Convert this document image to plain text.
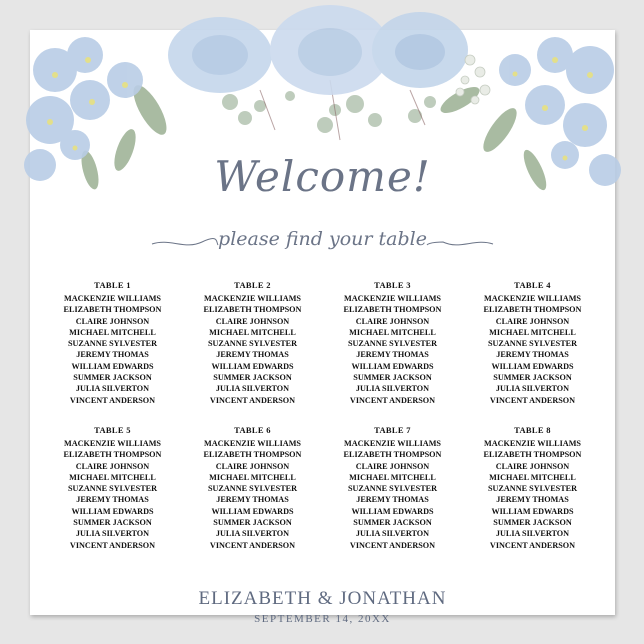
Welcome!
please find your table
TABLE 1
MACKENZIE WILLIAMS
ELIZABETH THOMPSON
CLAIRE JOHNSON
MICHAEL MITCHELL
SUZANNE SYLVESTER
JEREMY THOMAS
WILLIAM EDWARDS
SUMMER JACKSON
JULIA SILVERTON
VINCENT ANDERSON
TABLE 2
MACKENZIE WILLIAMS
ELIZABETH THOMPSON
CLAIRE JOHNSON
MICHAEL MITCHELL
SUZANNE SYLVESTER
JEREMY THOMAS
WILLIAM EDWARDS
SUMMER JACKSON
JULIA SILVERTON
VINCENT ANDERSON
TABLE 3
MACKENZIE WILLIAMS
ELIZABETH THOMPSON
CLAIRE JOHNSON
MICHAEL MITCHELL
SUZANNE SYLVESTER
JEREMY THOMAS
WILLIAM EDWARDS
SUMMER JACKSON
JULIA SILVERTON
VINCENT ANDERSON
TABLE 4
MACKENZIE WILLIAMS
ELIZABETH THOMPSON
CLAIRE JOHNSON
MICHAEL MITCHELL
SUZANNE SYLVESTER
JEREMY THOMAS
WILLIAM EDWARDS
SUMMER JACKSON
JULIA SILVERTON
VINCENT ANDERSON
TABLE 5
MACKENZIE WILLIAMS
ELIZABETH THOMPSON
CLAIRE JOHNSON
MICHAEL MITCHELL
SUZANNE SYLVESTER
JEREMY THOMAS
WILLIAM EDWARDS
SUMMER JACKSON
JULIA SILVERTON
VINCENT ANDERSON
TABLE 6
MACKENZIE WILLIAMS
ELIZABETH THOMPSON
CLAIRE JOHNSON
MICHAEL MITCHELL
SUZANNE SYLVESTER
JEREMY THOMAS
WILLIAM EDWARDS
SUMMER JACKSON
JULIA SILVERTON
VINCENT ANDERSON
TABLE 7
MACKENZIE WILLIAMS
ELIZABETH THOMPSON
CLAIRE JOHNSON
MICHAEL MITCHELL
SUZANNE SYLVESTER
JEREMY THOMAS
WILLIAM EDWARDS
SUMMER JACKSON
JULIA SILVERTON
VINCENT ANDERSON
TABLE 8
MACKENZIE WILLIAMS
ELIZABETH THOMPSON
CLAIRE JOHNSON
MICHAEL MITCHELL
SUZANNE SYLVESTER
JEREMY THOMAS
WILLIAM EDWARDS
SUMMER JACKSON
JULIA SILVERTON
VINCENT ANDERSON
ELIZABETH & JONATHAN
SEPTEMBER 14, 20XX
